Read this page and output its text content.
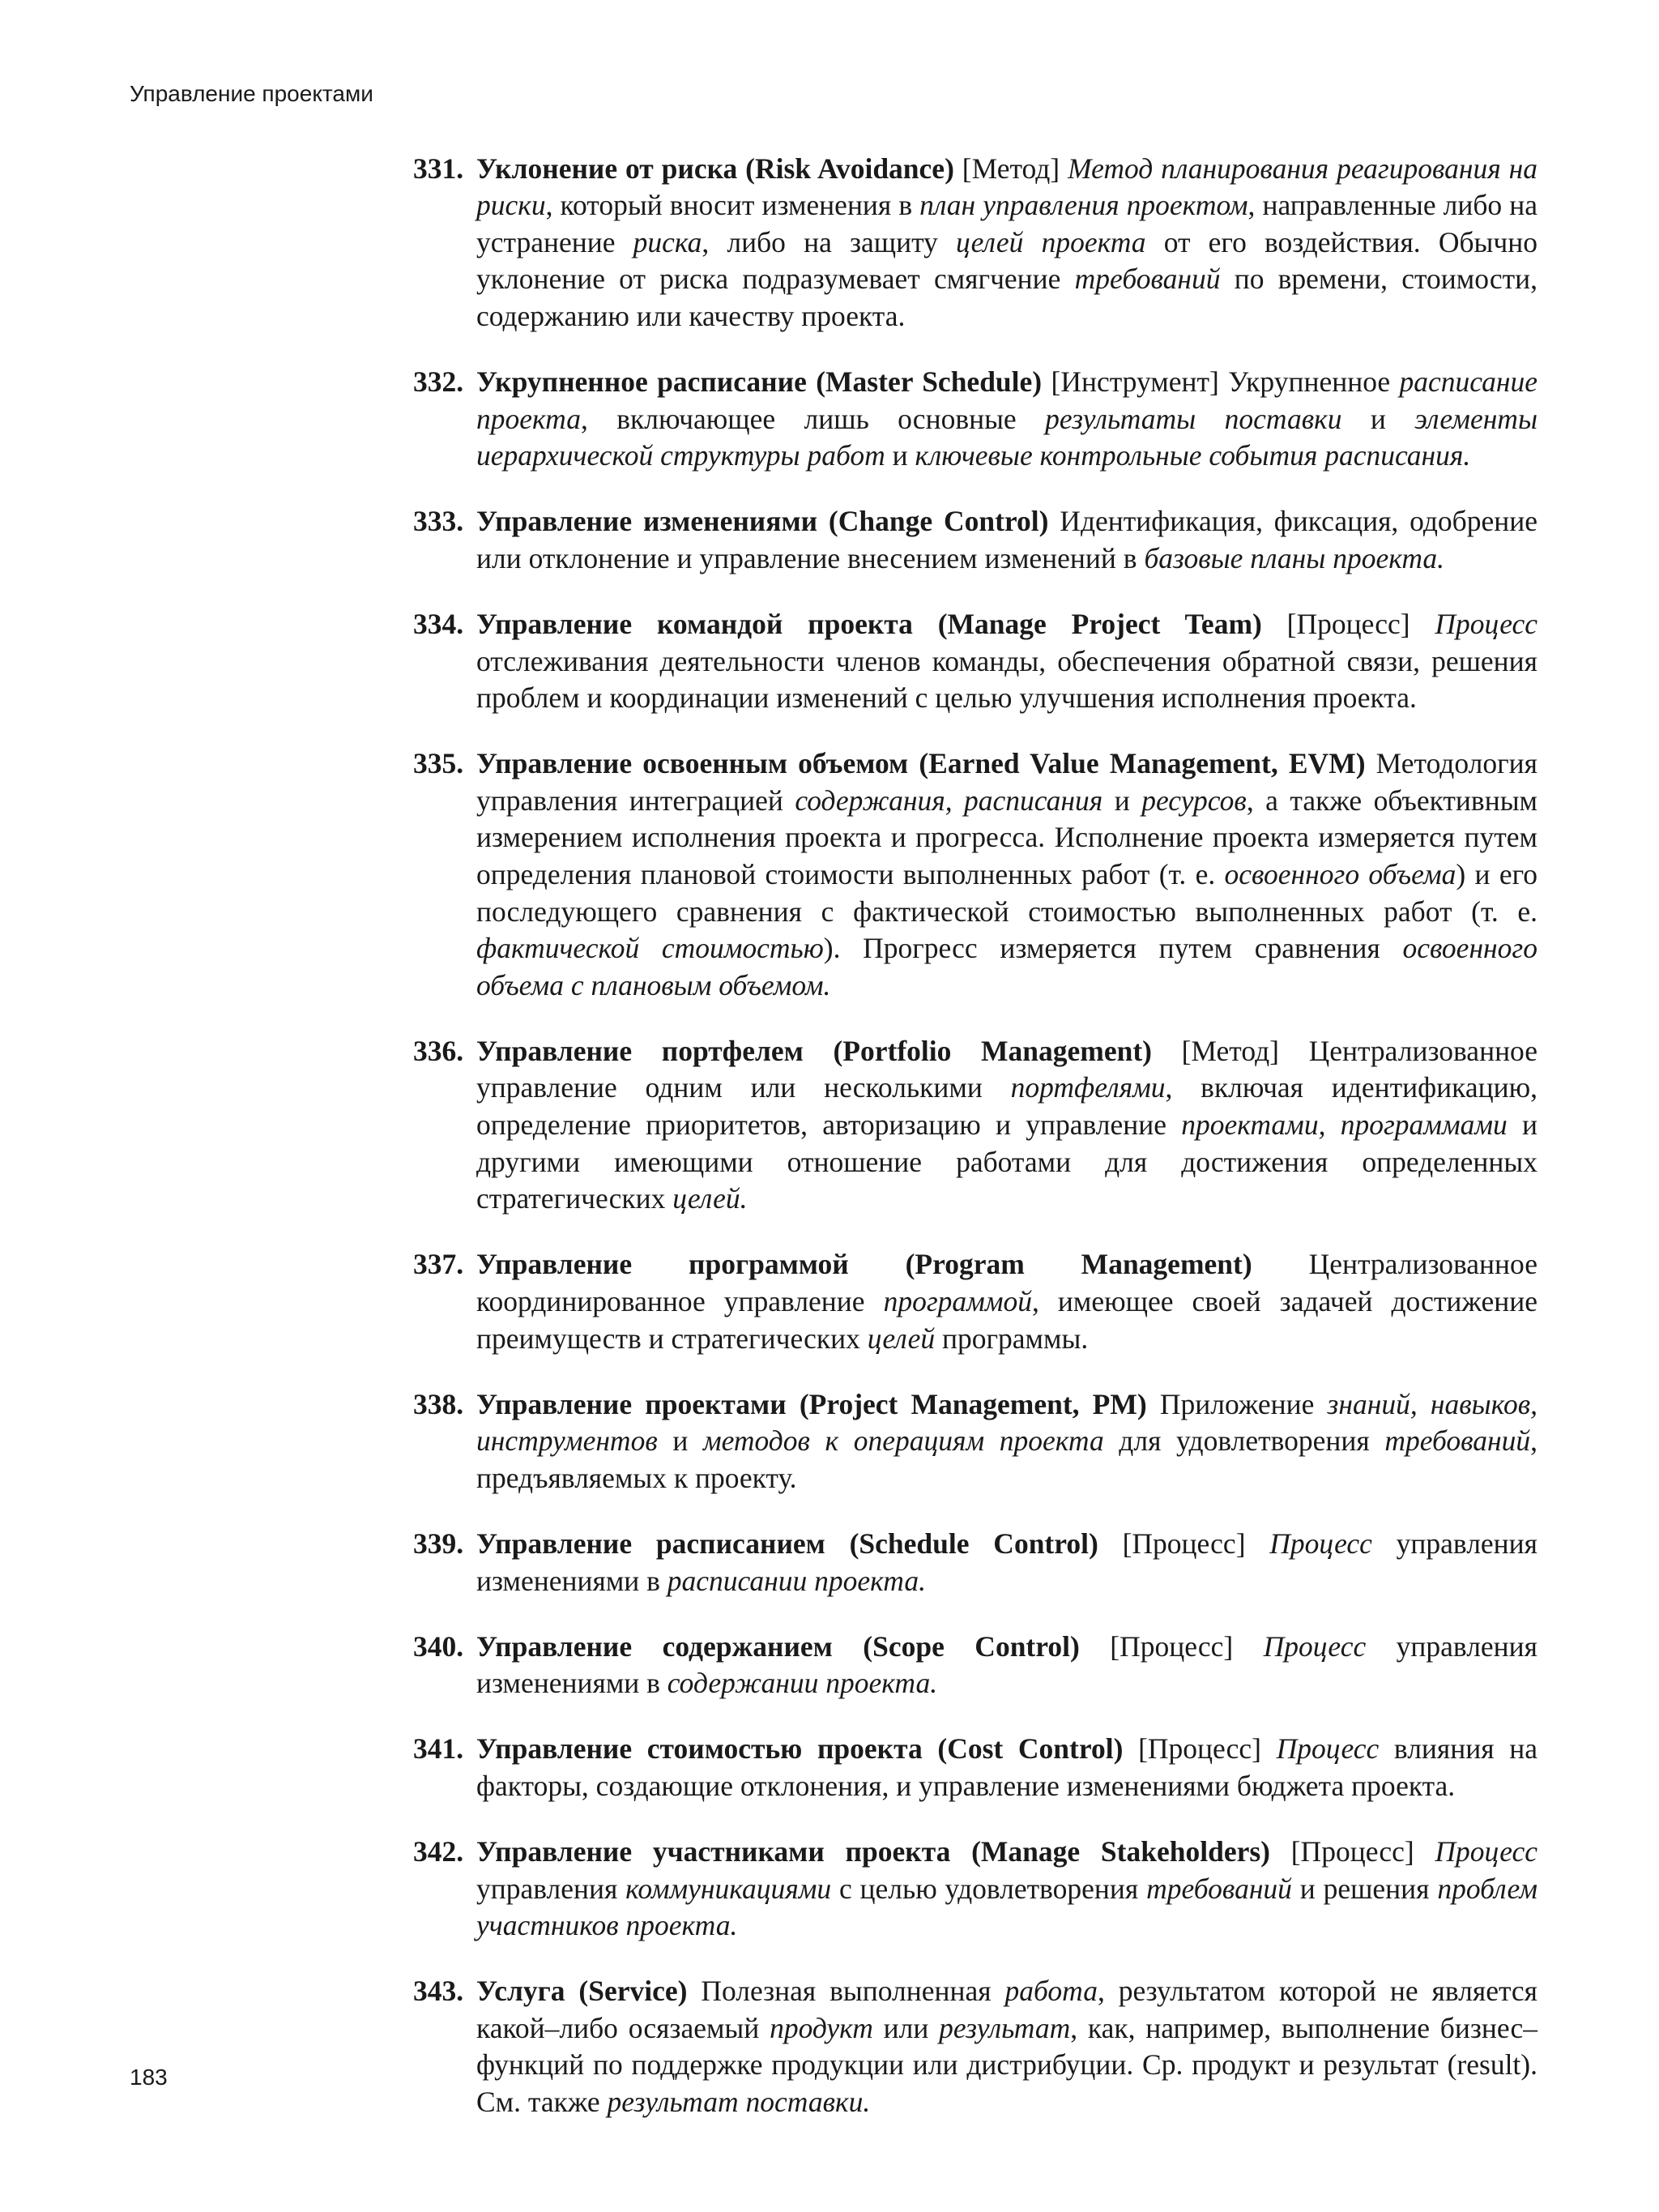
Управление проектами

331. Уклонение от риска (Risk Avoidance) [Метод] Метод планирования реагирования на риски, который вносит изменения в план управления проектом, направленные либо на устранение риска, либо на защиту целей проекта от его воздействия. Обычно уклонение от риска подразумевает смягчение требований по времени, стоимости, содержанию или качеству проекта.

332. Укрупненное расписание (Master Schedule) [Инструмент] Укрупненное расписание проекта, включающее лишь основные результаты поставки и элементы иерархической структуры работ и ключевые контрольные события расписания.

333. Управление изменениями (Change Control) Идентификация, фиксация, одобрение или отклонение и управление внесением изменений в базовые планы проекта.

334. Управление командой проекта (Manage Project Team) [Процесс] Процесс отслеживания деятельности членов команды, обеспечения обратной связи, решения проблем и координации изменений с целью улучшения исполнения проекта.

335. Управление освоенным объемом (Earned Value Management, EVM) Методология управления интеграцией содержания, расписания и ресурсов, а также объективным измерением исполнения проекта и прогресса. Исполнение проекта измеряется путем определения плановой стоимости выполненных работ (т. е. освоенного объема) и его последующего сравнения с фактической стоимостью выполненных работ (т. е. фактической стоимостью). Прогресс измеряется путем сравнения освоенного объема с плановым объемом.

336. Управление портфелем (Portfolio Management) [Метод] Централизованное управление одним или несколькими портфелями, включая идентификацию, определение приоритетов, авторизацию и управление проектами, программами и другими имеющими отношение работами для достижения определенных стратегических целей.

337. Управление программой (Program Management) Централизованное координированное управление программой, имеющее своей задачей достижение преимуществ и стратегических целей программы.

338. Управление проектами (Project Management, PM) Приложение знаний, навыков, инструментов и методов к операциям проекта для удовлетворения требований, предъявляемых к проекту.

339. Управление расписанием (Schedule Control) [Процесс] Процесс управления изменениями в расписании проекта.

340. Управление содержанием (Scope Control) [Процесс] Процесс управления изменениями в содержании проекта.

341. Управление стоимостью проекта (Cost Control) [Процесс] Процесс влияния на факторы, создающие отклонения, и управление изменениями бюджета проекта.

342. Управление участниками проекта (Manage Stakeholders) [Процесс] Процесс управления коммуникациями с целью удовлетворения требований и решения проблем участников проекта.

343. Услуга (Service) Полезная выполненная работа, результатом которой не является какой–либо осязаемый продукт или результат, как, например, выполнение бизнес–функций по поддержке продукции или дистрибуции. Ср. продукт и результат (result). См. также результат поставки.

183
